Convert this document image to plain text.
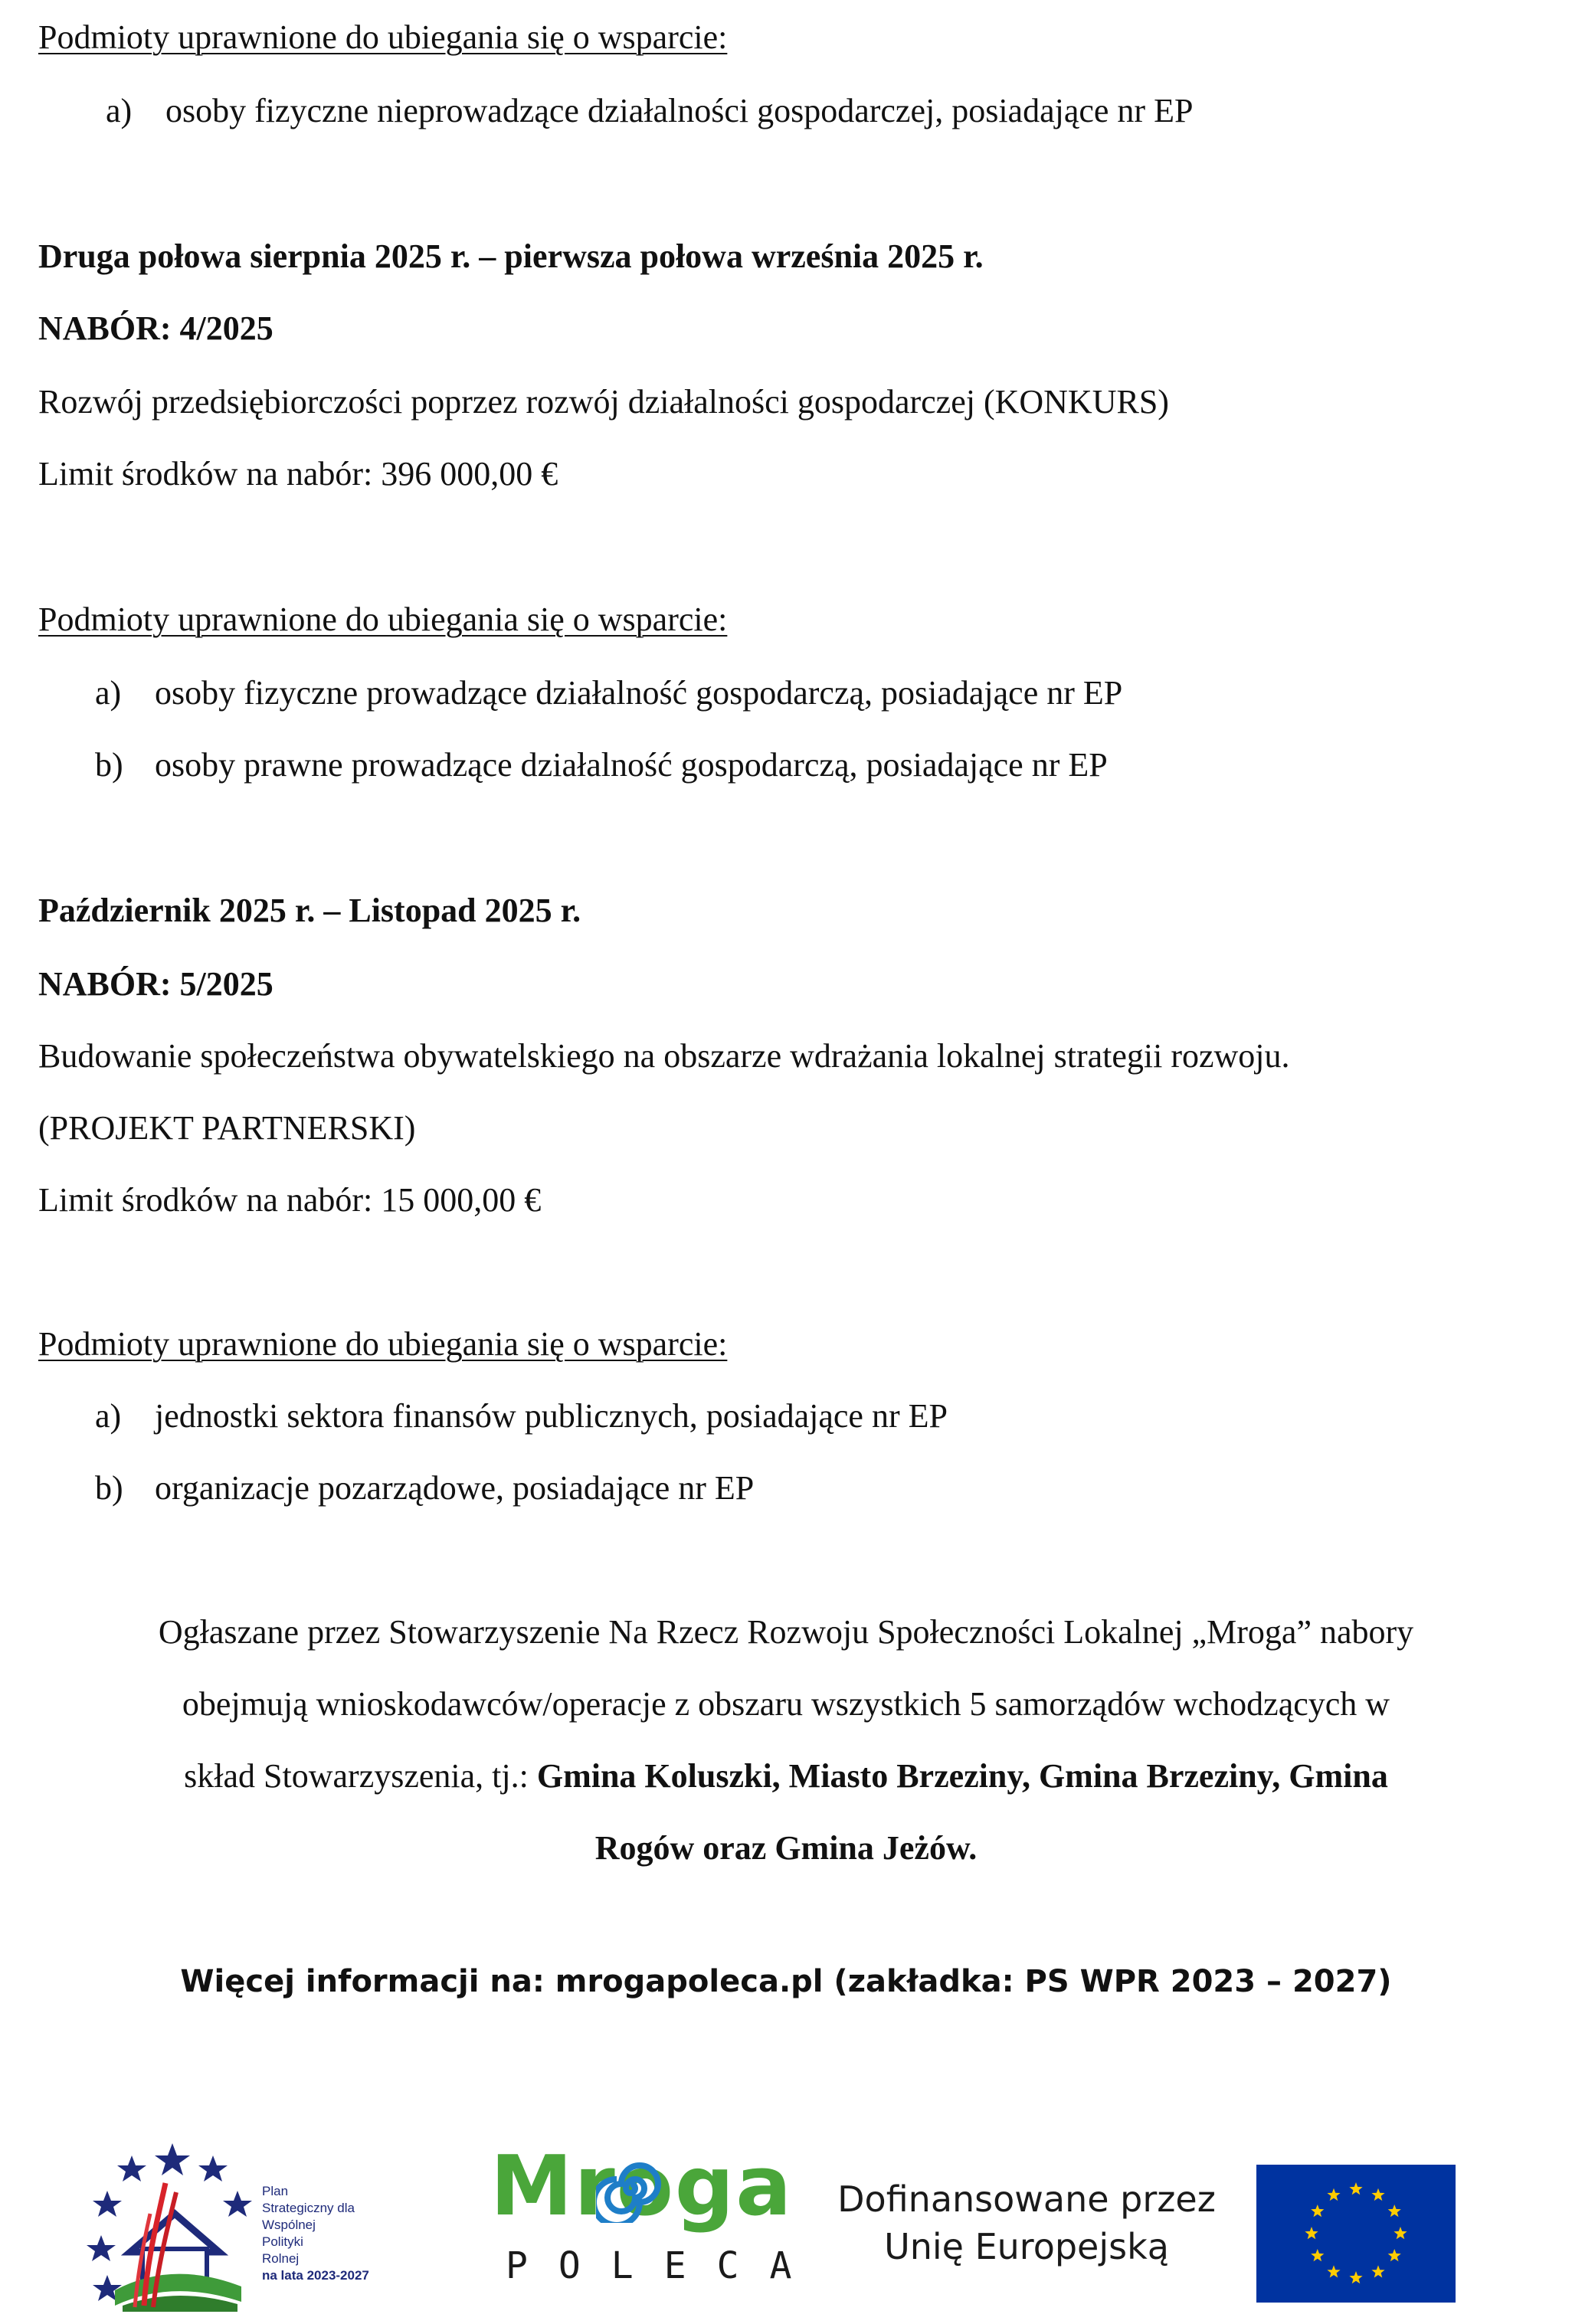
Podmioty uprawnione do ubiegania się o wsparcie:
a) osoby fizyczne nieprowadzące działalności gospodarczej, posiadające nr EP
Druga połowa sierpnia 2025 r. – pierwsza połowa września 2025 r.
NABÓR: 4/2025
Rozwój przedsiębiorczości poprzez rozwój działalności gospodarczej (KONKURS)
Limit środków na nabór: 396 000,00 €
Podmioty uprawnione do ubiegania się o wsparcie:
a) osoby fizyczne prowadzące działalność gospodarczą, posiadające nr EP
b) osoby prawne prowadzące działalność gospodarczą, posiadające nr EP
Październik 2025 r. – Listopad 2025 r.
NABÓR: 5/2025
Budowanie społeczeństwa obywatelskiego na obszarze wdrażania lokalnej strategii rozwoju.
(PROJEKT PARTNERSKI)
Limit środków na nabór: 15 000,00 €
Podmioty uprawnione do ubiegania się o wsparcie:
a) jednostki sektora finansów publicznych, posiadające nr EP
b) organizacje pozarządowe, posiadające nr EP
Ogłaszane przez Stowarzyszenie Na Rzecz Rozwoju Społeczności Lokalnej „Mroga” nabory
obejmują wnioskodawców/operacje z obszaru wszystkich 5 samorządów wchodzących w
skład Stowarzyszenia, tj.: Gmina Koluszki, Miasto Brzeziny, Gmina Brzeziny, Gmina
Rogów oraz Gmina Jeżów.
Więcej informacji na: mrogapoleca.pl (zakładka: PS WPR 2023 – 2027)
Plan
Strategiczny dla
Wspólnej
Polityki
Rolnej
na lata 2023-2027
Mroga
POLECA
Dofinansowane przez
Unię Europejską
